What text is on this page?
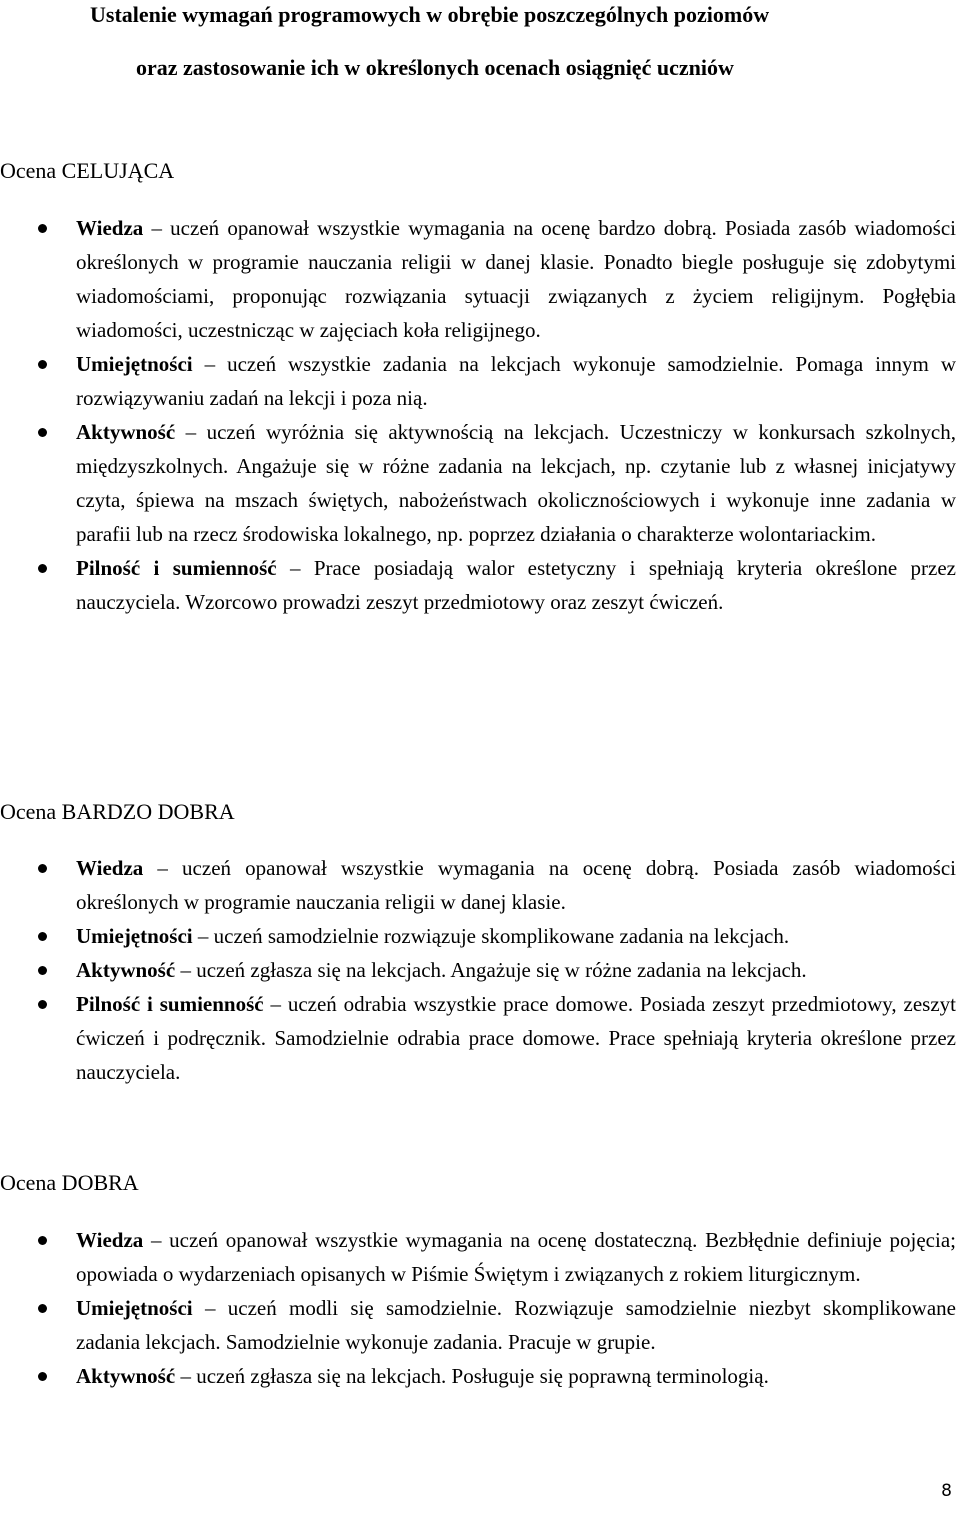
Ustalenie wymagań programowych w obrębie poszczególnych poziomów
oraz zastosowanie ich w określonych ocenach osiągnięć uczniów
Ocena CELUJĄCA
Wiedza – uczeń opanował wszystkie wymagania na ocenę bardzo dobrą. Posiada zasób wiadomości określonych w programie nauczania religii w danej klasie. Ponadto biegle posługuje się zdobytymi wiadomościami, proponując rozwiązania sytuacji związanych z życiem religijnym. Pogłębia wiadomości, uczestnicząc w zajęciach koła religijnego.
Umiejętności – uczeń wszystkie zadania na lekcjach wykonuje samodzielnie. Pomaga innym w rozwiązywaniu zadań na lekcji i poza nią.
Aktywność – uczeń wyróżnia się aktywnością na lekcjach. Uczestniczy w konkursach szkolnych, międzyszkolnych. Angażuje się w różne zadania na lekcjach, np. czytanie lub z własnej inicjatywy czyta, śpiewa na mszach świętych, nabożeństwach okolicznościowych i wykonuje inne zadania w parafii lub na rzecz środowiska lokalnego, np. poprzez działania o charakterze wolontariackim.
Pilność i sumienność – Prace posiadają walor estetyczny i spełniają kryteria określone przez nauczyciela. Wzorcowo prowadzi zeszyt przedmiotowy oraz zeszyt ćwiczeń.
Ocena BARDZO DOBRA
Wiedza – uczeń opanował wszystkie wymagania na ocenę dobrą. Posiada zasób wiadomości określonych w programie nauczania religii w danej klasie.
Umiejętności – uczeń samodzielnie rozwiązuje skomplikowane zadania na lekcjach.
Aktywność – uczeń zgłasza się na lekcjach. Angażuje się w różne zadania na lekcjach.
Pilność i sumienność – uczeń odrabia wszystkie prace domowe. Posiada zeszyt przedmiotowy, zeszyt ćwiczeń i podręcznik. Samodzielnie odrabia prace domowe. Prace spełniają kryteria określone przez nauczyciela.
Ocena DOBRA
Wiedza – uczeń opanował wszystkie wymagania na ocenę dostateczną. Bezbłędnie definiuje pojęcia; opowiada o wydarzeniach opisanych w Piśmie Świętym i związanych z rokiem liturgicznym.
Umiejętności – uczeń modli się samodzielnie. Rozwiązuje samodzielnie niezbyt skomplikowane zadania lekcjach. Samodzielnie wykonuje zadania. Pracuje w grupie.
Aktywność – uczeń zgłasza się na lekcjach. Posługuje się poprawną terminologią.
8
